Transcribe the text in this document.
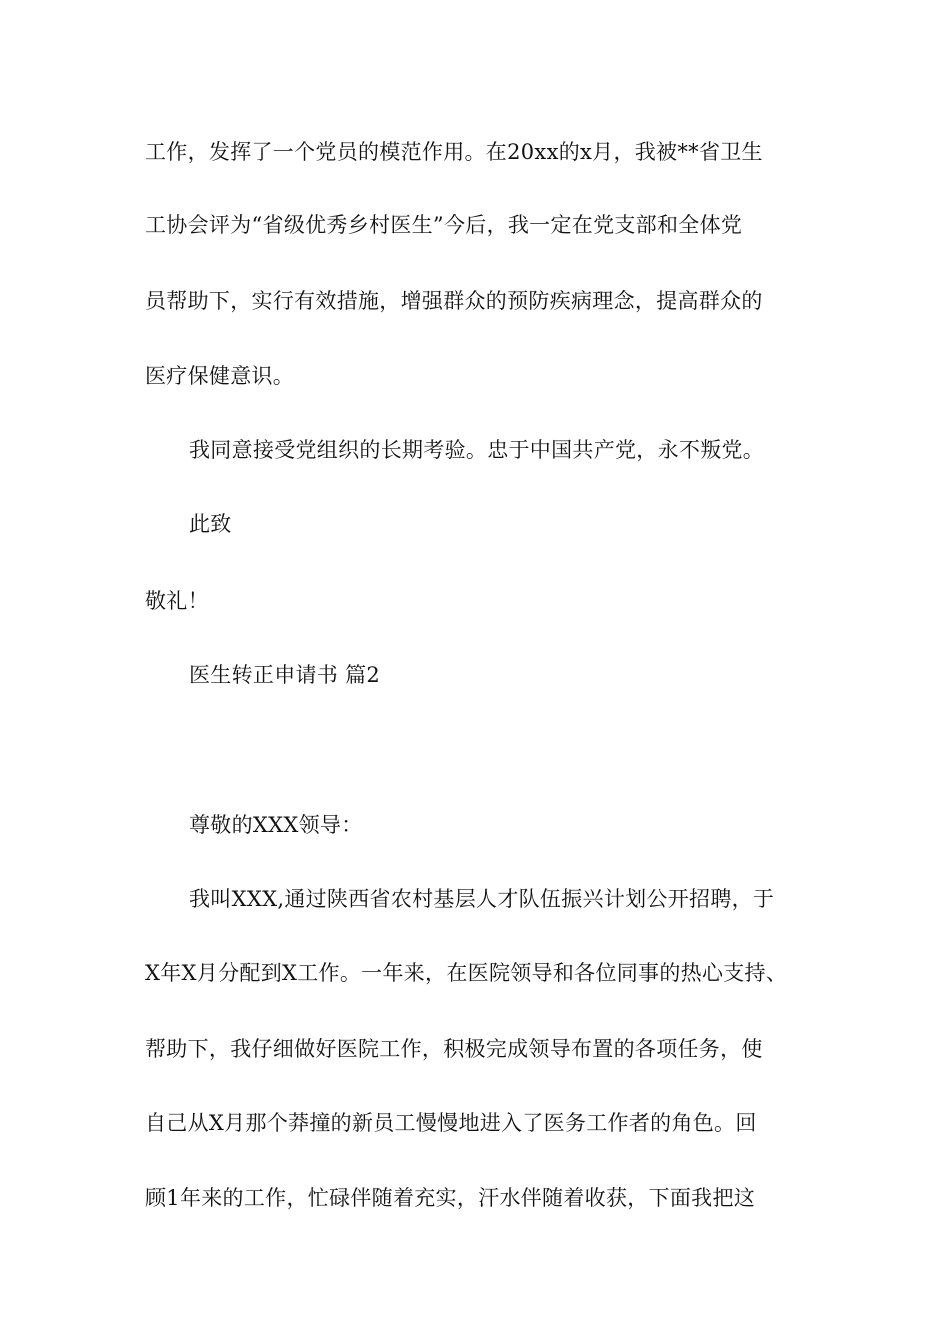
工作，发挥了一个党员的模范作用。在20xx的x月，我被**省卫生
工协会评为“省级优秀乡村医生”今后，我一定在党支部和全体党
员帮助下，实行有效措施，增强群众的预防疾病理念，提高群众的
医疗保健意识。
我同意接受党组织的长期考验。忠于中国共产党，永不叛党。
此致
敬礼！
医生转正申请书 篇2
尊敬的XXX领导：
我叫XXX,通过陕西省农村基层人才队伍振兴计划公开招聘，于
X年X月分配到X工作。一年来，在医院领导和各位同事的热心支持、
帮助下，我仔细做好医院工作，积极完成领导布置的各项任务，使
自己从X月那个莽撞的新员工慢慢地进入了医务工作者的角色。回
顾1年来的工作，忙碌伴随着充实，汗水伴随着收获，下面我把这
